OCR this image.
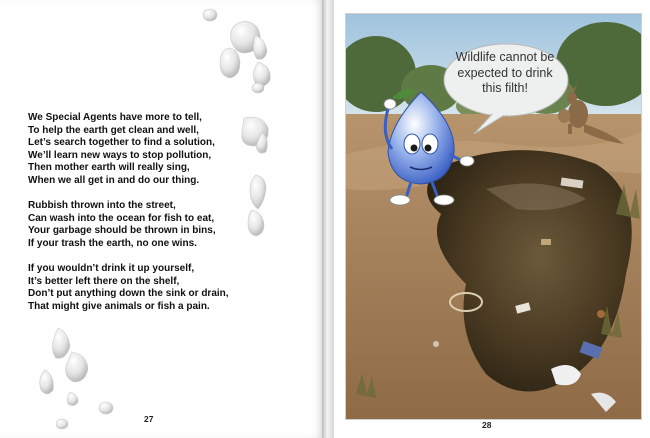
We Special Agents have more to tell,
To help the earth get clean and well,
Let’s search together to find a solution,
We’ll learn new ways to stop pollution,
Then mother earth will really sing,
When we all get in and do our thing.
Rubbish thrown into the street,
Can wash into the ocean for fish to eat,
Your garbage should be thrown in bins,
If your trash the earth, no one wins.
If you wouldn’t drink it up yourself,
It’s better left there on the shelf,
Don’t put anything down the sink or drain,
That might give animals or fish a pain.
27
Wildlife cannot be expected to drink this filth!
28
